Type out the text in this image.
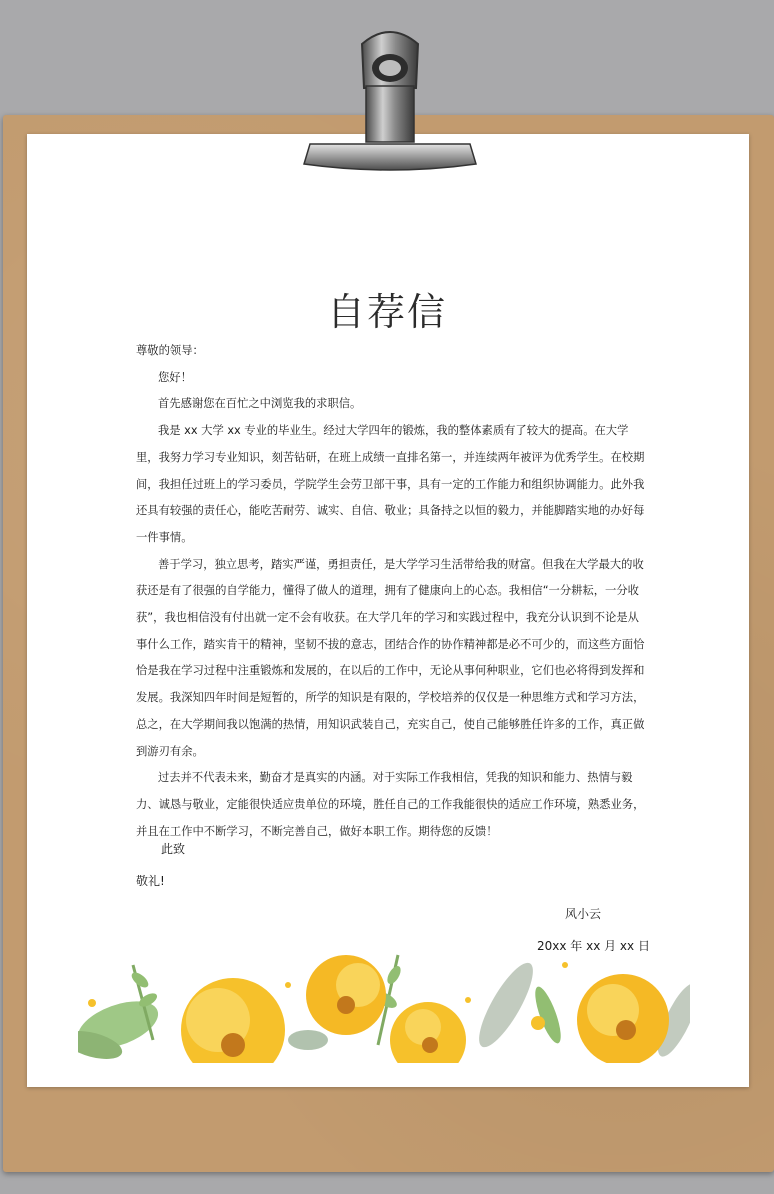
自荐信

尊敬的领导：

您好！

首先感谢您在百忙之中浏览我的求职信。

我是 xx 大学 xx 专业的毕业生。经过大学四年的锻炼，我的整体素质有了较大的提高。在大学里，我努力学习专业知识，刻苦钻研，在班上成绩一直排名第一，并连续两年被评为优秀学生。在校期间，我担任过班上的学习委员，学院学生会劳卫部干事，具有一定的工作能力和组织协调能力。此外我还具有较强的责任心，能吃苦耐劳、诚实、自信、敬业；具备持之以恒的毅力，并能脚踏实地的办好每一件事情。

善于学习，独立思考，踏实严谨，勇担责任，是大学学习生活带给我的财富。但我在大学最大的收获还是有了很强的自学能力，懂得了做人的道理，拥有了健康向上的心态。我相信“一分耕耘，一分收获”，我也相信没有付出就一定不会有收获。在大学几年的学习和实践过程中，我充分认识到不论是从事什么工作，踏实肯干的精神，坚韧不拔的意志，团结合作的协作精神都是必不可少的，而这些方面恰恰是我在学习过程中注重锻炼和发展的，在以后的工作中，无论从事何种职业，它们也必将得到发挥和发展。我深知四年时间是短暂的，所学的知识是有限的，学校培养的仅仅是一种思维方式和学习方法，总之，在大学期间我以饱满的热情，用知识武装自己，充实自己，使自己能够胜任许多的工作，真正做到游刃有余。

过去并不代表未来，勤奋才是真实的内涵。对于实际工作我相信，凭我的知识和能力、热情与毅力、诚恳与敬业，定能很快适应贵单位的环境，胜任自己的工作我能很快的适应工作环境，熟悉业务，并且在工作中不断学习，不断完善自己，做好本职工作。期待您的反馈！

此致
敬礼!
风小云
20xx 年 xx 月 xx 日
